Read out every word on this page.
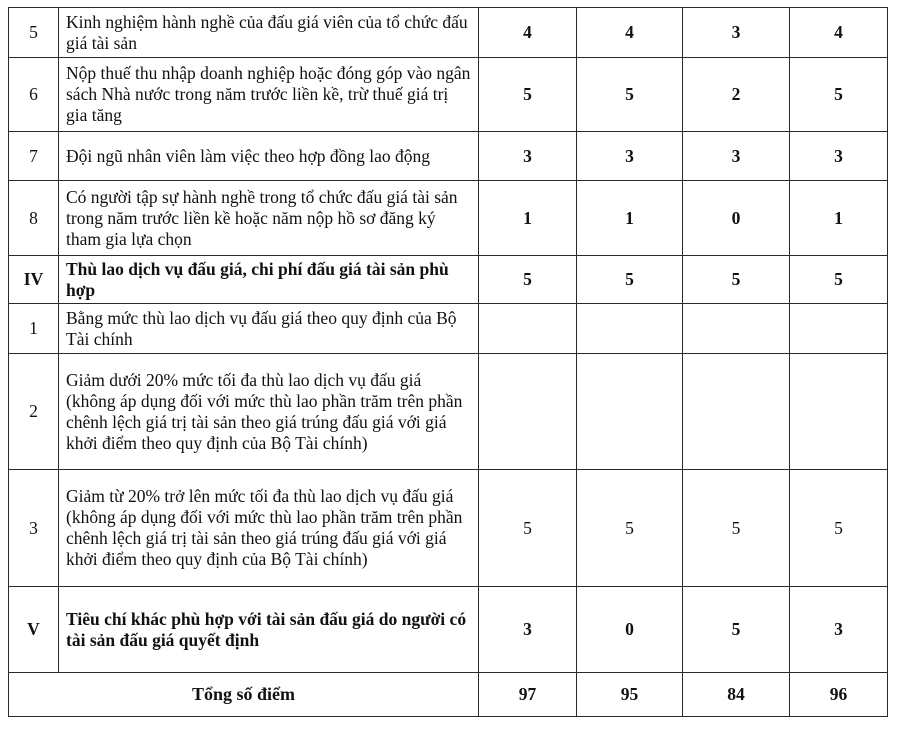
5	Kinh nghiệm hành nghề của đấu giá viên của tổ chức đấu giá tài sản	4	4	3	4
6	Nộp thuế thu nhập doanh nghiệp hoặc đóng góp vào ngân sách Nhà nước trong năm trước liền kề, trừ thuế giá trị gia tăng	5	5	2	5
7	Đội ngũ nhân viên làm việc theo hợp đồng lao động	3	3	3	3
8	Có người tập sự hành nghề trong tổ chức đấu giá tài sản trong năm trước liền kề hoặc năm nộp hồ sơ đăng ký tham gia lựa chọn	1	1	0	1
IV	Thù lao dịch vụ đấu giá, chi phí đấu giá tài sản phù hợp	5	5	5	5
1	Bằng mức thù lao dịch vụ đấu giá theo quy định của Bộ Tài chính				
2	Giảm dưới 20% mức tối đa thù lao dịch vụ đấu giá (không áp dụng đối với mức thù lao phần trăm trên phần chênh lệch giá trị tài sản theo giá trúng đấu giá với giá khởi điểm theo quy định của Bộ Tài chính)				
3	Giảm từ 20% trở lên mức tối đa thù lao dịch vụ đấu giá (không áp dụng đối với mức thù lao phần trăm trên phần chênh lệch giá trị tài sản theo giá trúng đấu giá với giá khởi điểm theo quy định của Bộ Tài chính)	5	5	5	5
V	Tiêu chí khác phù hợp với tài sản đấu giá do người có tài sản đấu giá quyết định	3	0	5	3
Tổng số điểm		97	95	84	96
